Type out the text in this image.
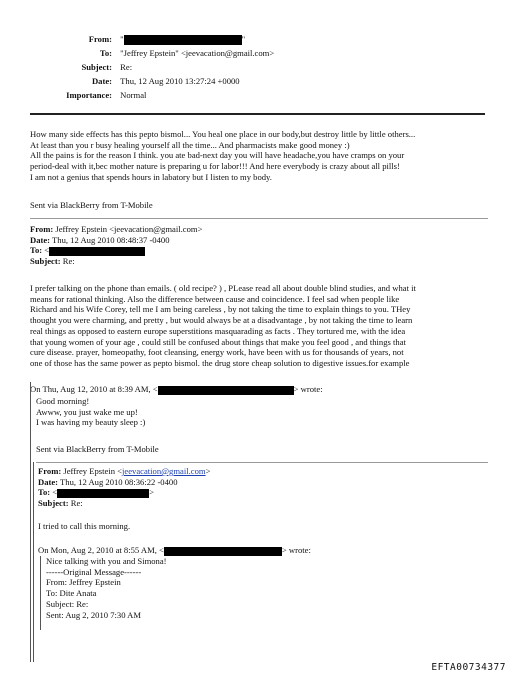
From: "	"
To: "Jeffrey Epstein" <jeevacation@gmail.com>
Subject: Re:
Date: Thu, 12 Aug 2010 13:27:24 +0000
Importance: Normal
How many side effects has this pepto bismol... You heal one place in our body,but destroy little by little others...
At least than you r busy healing yourself all the time... And pharmacists make good money :)
All the pains is for the reason I think. you ate bad-next day you will have headache,you have cramps on your
period-deal with it,bec mother nature is preparing u for labor!!! And here everybody is crazy about all pills!
I am not a genius that spends hours in labatory but I listen to my body.
Sent via BlackBerry from T-Mobile
From: Jeffrey Epstein <jeevacation@gmail.com>
Date: Thu, 12 Aug 2010 08:48:37 -0400
To: <
Subject: Re:
I prefer talking on the phone than emails. ( old recipe? ) , PLease read all about double blind studies, and what it
means for rational thinking. Also the difference between cause and coincidence. I feel sad when people like
Richard and his Wife Corey, tell me I am being careless , by not taking the time to explain things to you. THey
thought you were charming, and pretty , but would always be at a disadvantage , by not taking the time to learn
real things as opposed to eastern europe superstitions masquarading as facts . They tortured me, with the idea
that young women of your age , could still be confused about things that make you feel good , and things that
cure disease. prayer, homeopathy, foot cleansing, energy work, have been with us for thousands of years, not
one of those has the same power as pepto bismol. the drug store cheap solution to digestive issues.for example
On Thu, Aug 12, 2010 at 8:39 AM, <	> wrote:
Good morning!
Awww, you just wake me up!
I was having my beauty sleep :)
Sent via BlackBerry from T-Mobile
From: Jeffrey Epstein <jeevacation@gmail.com>
Date: Thu, 12 Aug 2010 08:36:22 -0400
To: <	>
Subject: Re:
I tried to call this morning.
On Mon, Aug 2, 2010 at 8:55 AM, <	> wrote:
Nice talking with you and Simona!
------Original Message------
From: Jeffrey Epstein
To: Dite Anata
Subject: Re:
Sent: Aug 2, 2010 7:30 AM
EFTA00734377
